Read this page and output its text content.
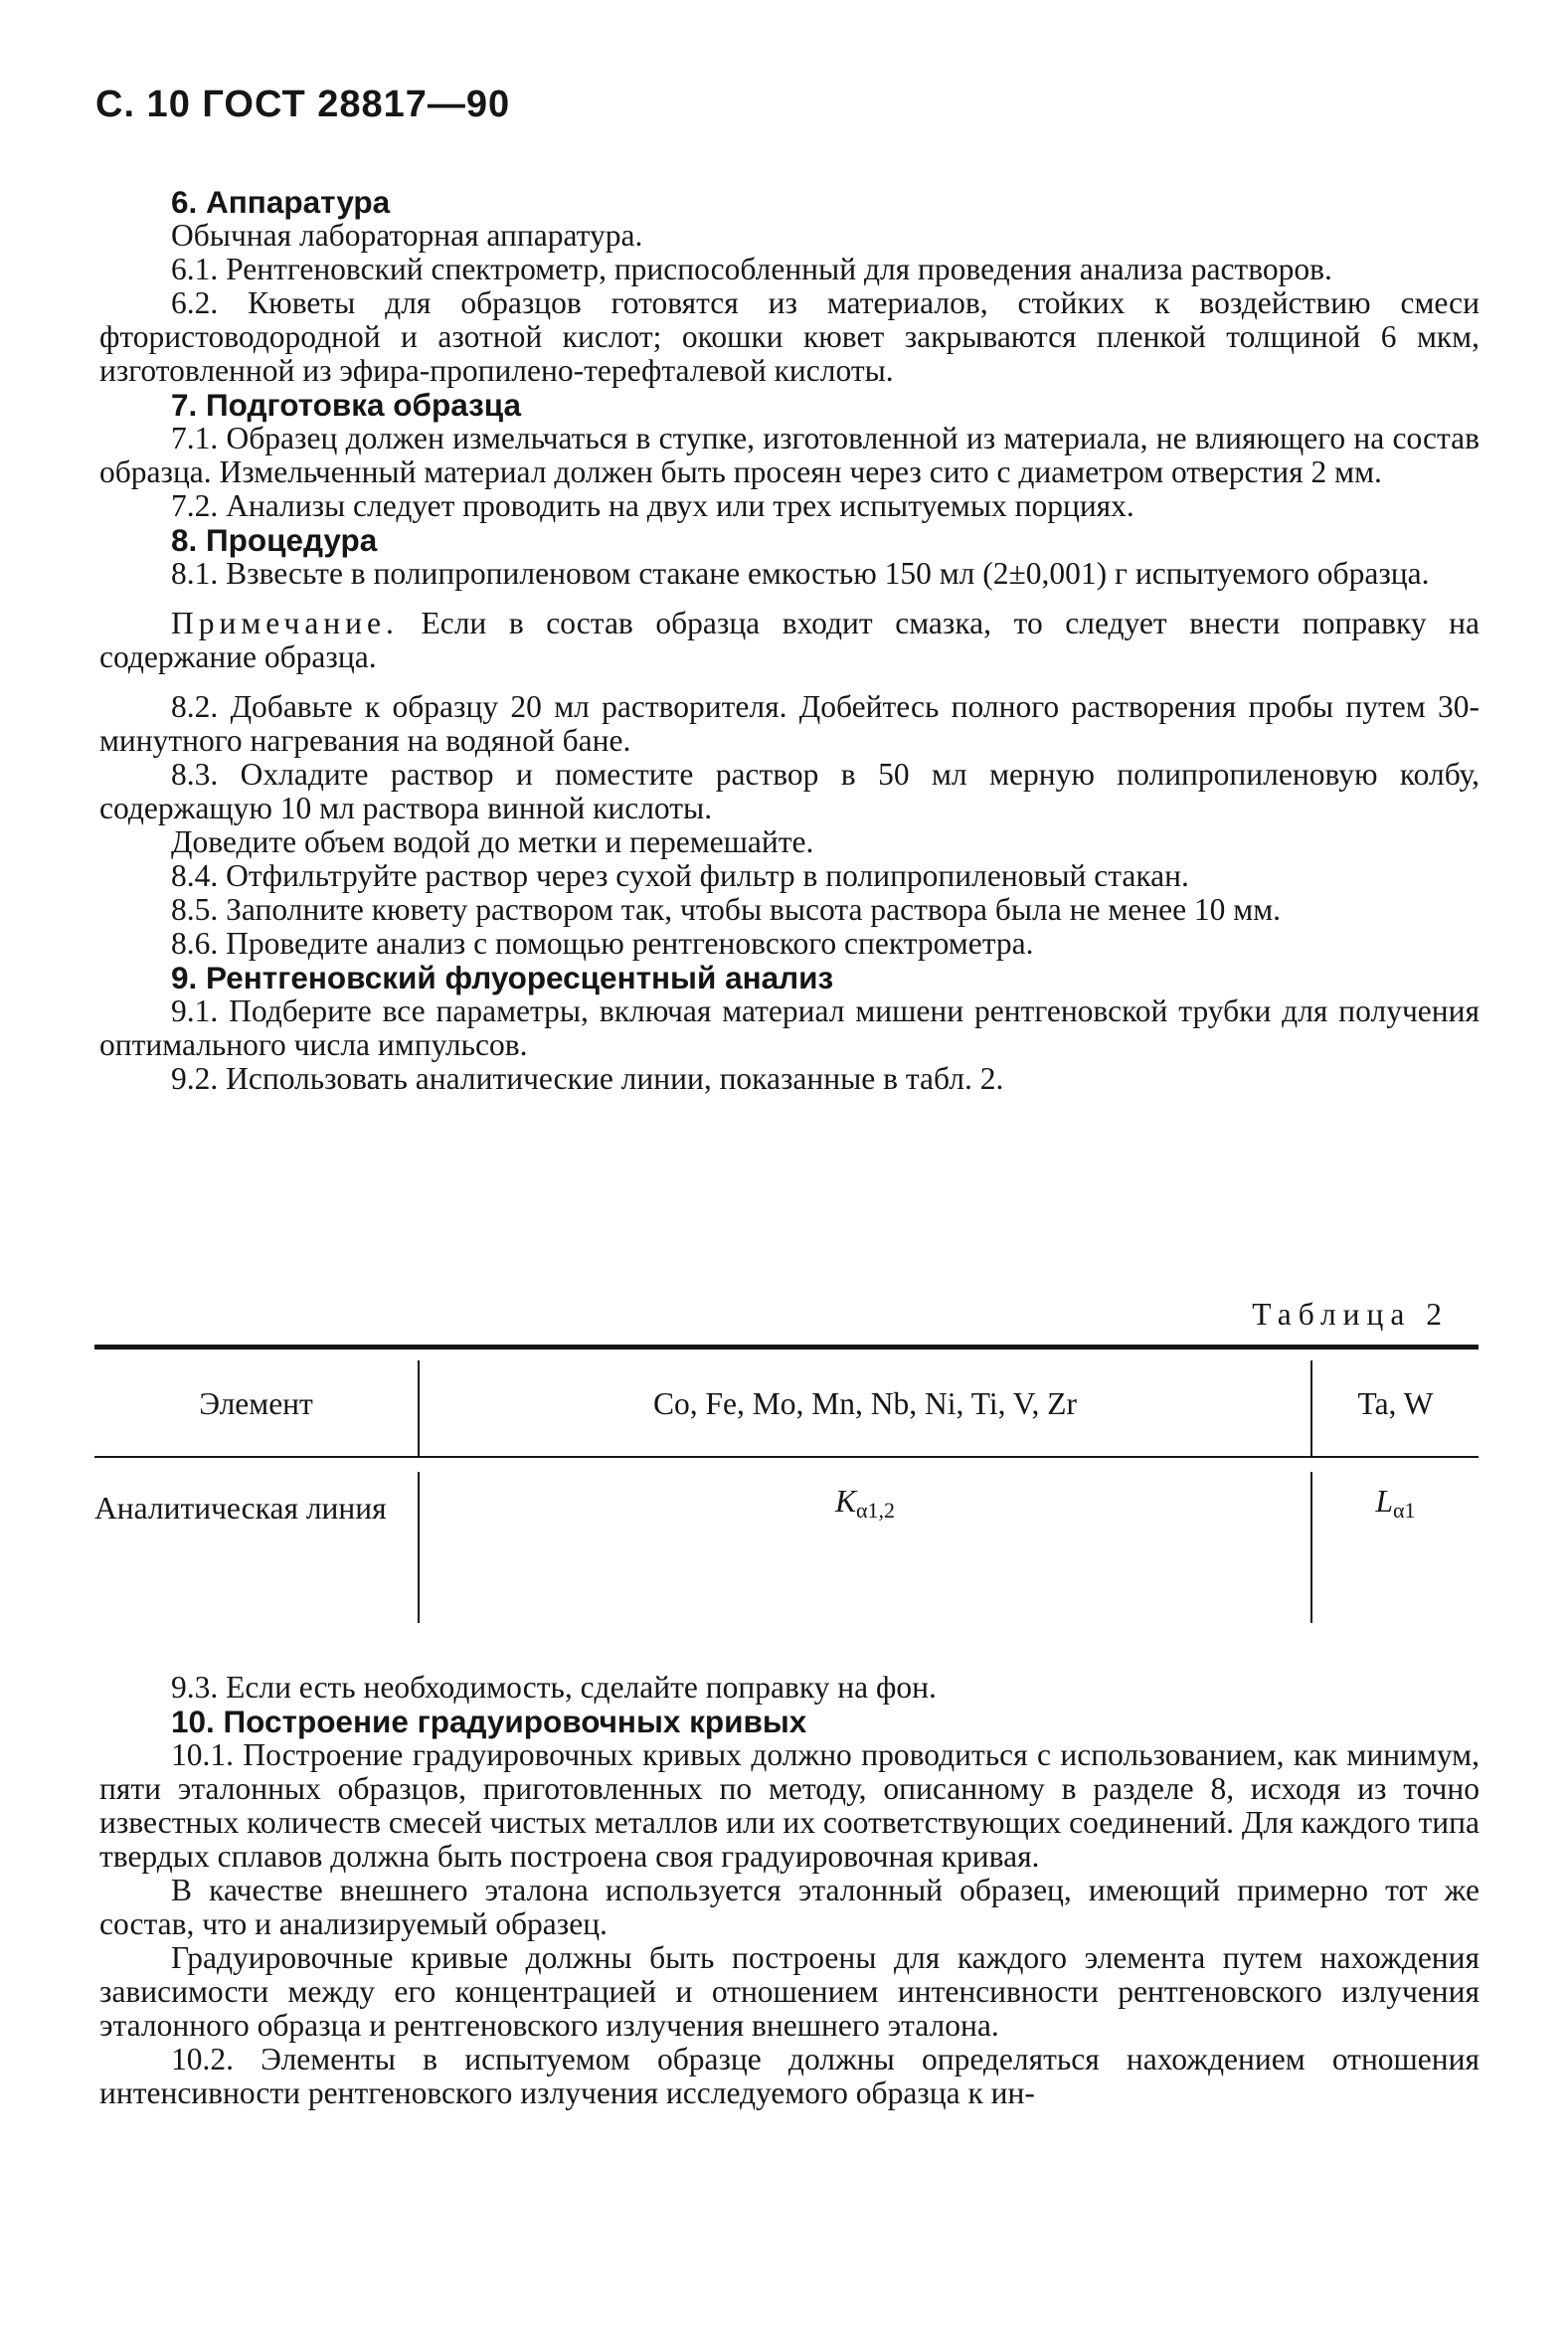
С. 10 ГОСТ 28817—90
6. Аппаратура

Обычная лабораторная аппаратура.

6.1. Рентгеновский спектрометр, приспособленный для проведения анализа растворов.

6.2. Кюветы для образцов готовятся из материалов, стойких к воздействию смеси фтористоводородной и азотной кислот; окошки кювет закрываются пленкой толщиной 6 мкм, изготовленной из эфира-пропилено-терефталевой кислоты.

7. Подготовка образца

7.1. Образец должен измельчаться в ступке, изготовленной из материала, не влияющего на состав образца. Измельченный материал должен быть просеян через сито с диаметром отверстия 2 мм.

7.2. Анализы следует проводить на двух или трех испытуемых порциях.

8. Процедура

8.1. Взвесьте в полипропиленовом стакане емкостью 150 мл (2±0,001) г испытуемого образца.

Примечание. Если в состав образца входит смазка, то следует внести поправку на содержание образца.

8.2. Добавьте к образцу 20 мл растворителя. Добейтесь полного растворения пробы путем 30-минутного нагревания на водяной бане.

8.3. Охладите раствор и поместите раствор в 50 мл мерную полипропиленовую колбу, содержащую 10 мл раствора винной кислоты.

Доведите объем водой до метки и перемешайте.

8.4. Отфильтруйте раствор через сухой фильтр в полипропиленовый стакан.

8.5. Заполните кювету раствором так, чтобы высота раствора была не менее 10 мм.

8.6. Проведите анализ с помощью рентгеновского спектрометра.

9. Рентгеновский флуоресцентный анализ

9.1. Подберите все параметры, включая материал мишени рентгеновской трубки для получения оптимального числа импульсов.

9.2. Использовать аналитические линии, показанные в табл. 2.

Таблица 2
Элемент	Co, Fe, Mo, Mn, Nb, Ni, Ti, V, Zr	Ta, W
Аналитическая линия	$K_{\alpha 1,2}$	$L_{\alpha 1}$

9.3. Если есть необходимость, сделайте поправку на фон.

10. Построение градуировочных кривых

10.1. Построение градуировочных кривых должно проводиться с использованием, как минимум, пяти эталонных образцов, приготовленных по методу, описанному в разделе 8, исходя из точно известных количеств смесей чистых металлов или их соответствующих соединений. Для каждого типа твердых сплавов должна быть построена своя градуировочная кривая.

В качестве внешнего эталона используется эталонный образец, имеющий примерно тот же состав, что и анализируемый образец.

Градуировочные кривые должны быть построены для каждого элемента путем нахождения зависимости между его концентрацией и отношением интенсивности рентгеновского излучения эталонного образца и рентгеновского излучения внешнего эталона.

10.2. Элементы в испытуемом образце должны определяться нахождением отношения интенсивности рентгеновского излучения исследуемого образца к ин-
